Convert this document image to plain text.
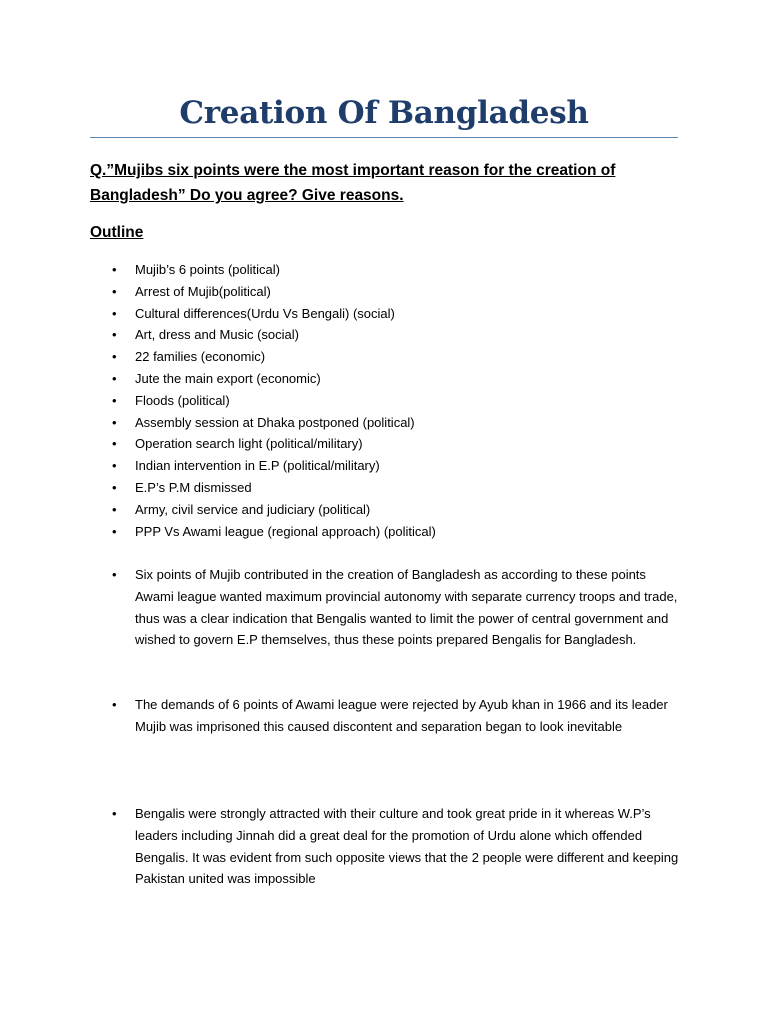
Creation Of Bangladesh
Q.”Mujibs six points were the most important reason for the creation of Bangladesh” Do you agree? Give reasons.
Outline
•	Mujib’s 6 points (political)
•	Arrest of Mujib(political)
•	Cultural differences(Urdu Vs Bengali) (social)
•	Art, dress and Music (social)
•	22 families (economic)
•	Jute the main export (economic)
•	Floods (political)
•	Assembly session at Dhaka postponed (political)
•	Operation search light (political/military)
•	Indian intervention in E.P (political/military)
•	E.P’s P.M dismissed
•	Army, civil service and judiciary (political)
•	PPP Vs Awami league (regional approach) (political)
•	Six points of Mujib contributed in the creation of Bangladesh as according to these points Awami league wanted maximum provincial autonomy with separate currency troops and trade, thus was a clear indication that Bengalis wanted to limit the power of central government and wished to govern E.P themselves, thus these points prepared Bengalis for Bangladesh.
•	The demands of 6 points of Awami league were rejected by Ayub khan in 1966 and its leader Mujib was imprisoned this caused discontent and separation began to look inevitable
•	Bengalis were strongly attracted with their culture and took great pride in it whereas W.P’s leaders including Jinnah did a great deal for the promotion of Urdu alone which offended Bengalis. It was evident from such opposite views that the 2 people were different and keeping Pakistan united was impossible
